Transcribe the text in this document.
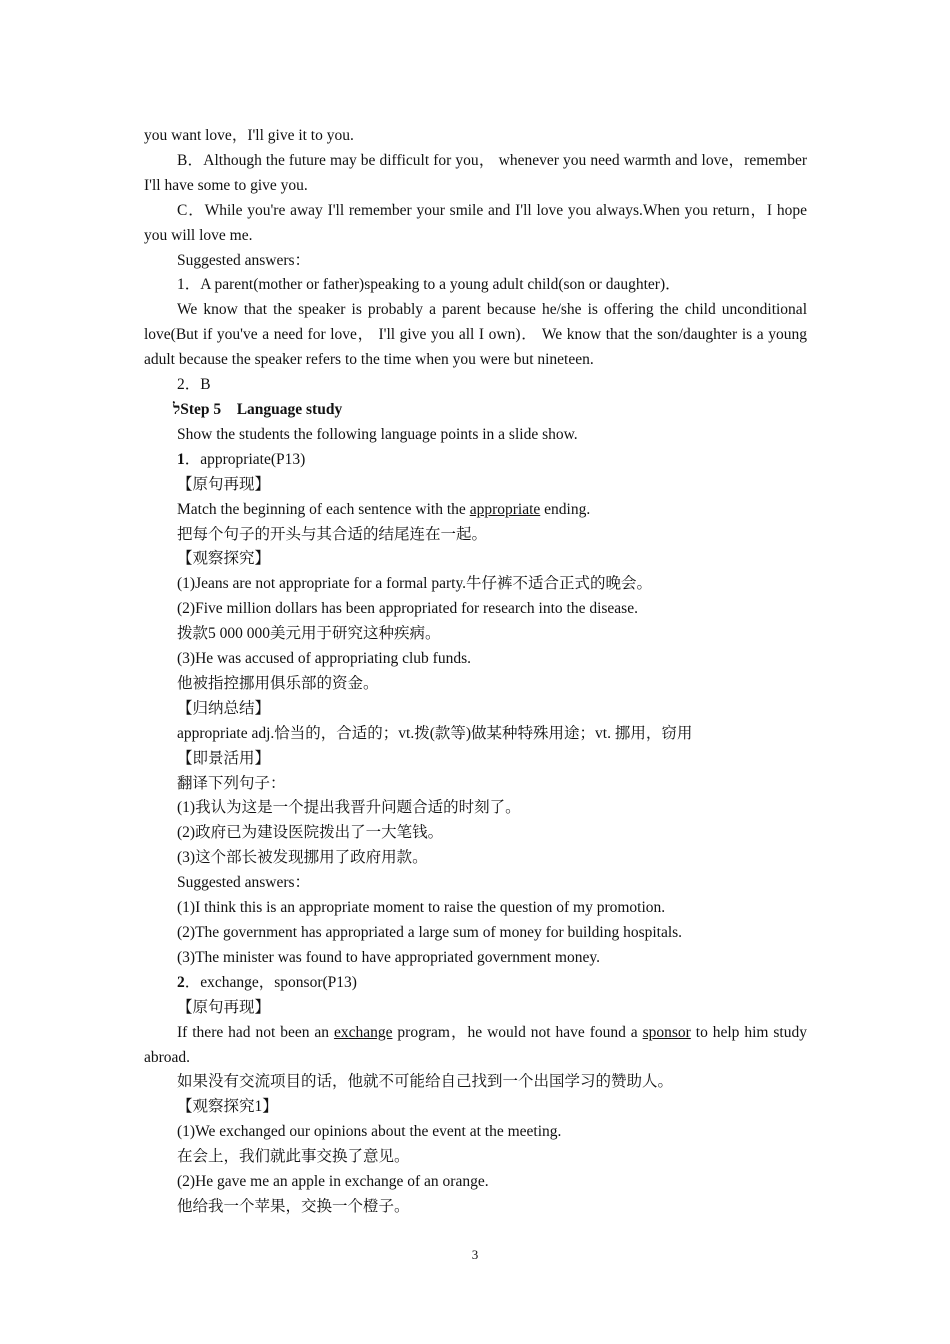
you want love，I'll give it to you.

B．Although the future may be difficult for you， whenever you need warmth and love，remember I'll have some to give you.

C．While you're away I'll remember your smile and I'll love you always.When you return，I hope you will love me.

Suggested answers：

1．A parent(mother or father)speaking to a young adult child(son or daughter)．

We know that the speaker is probably a parent because he/she is offering the child unconditional love(But if you've a need for love， I'll give you all I own)． We know that the son/daughter is a young adult because the speaker refers to the time when you were but nineteen.

2．B

לStep 5 Language study

Show the students the following language points in a slide show.

1．appropriate(P13)

【原句再现】

Match the beginning of each sentence with the appropriate ending.

把每个句子的开头与其合适的结尾连在一起。

【观察探究】

(1)Jeans are not appropriate for a formal party.牛仔裤不适合正式的晚会。

(2)Five million dollars has been appropriated for research into the disease.

拨款5 000 000美元用于研究这种疾病。

(3)He was accused of appropriating club funds.

他被指控挪用俱乐部的资金。

【归纳总结】

appropriate adj.恰当的，合适的；vt.拨(款等)做某种特殊用途；vt. 挪用，窃用

【即景活用】

翻译下列句子：

(1)我认为这是一个提出我晋升问题合适的时刻了。

(2)政府已为建设医院拨出了一大笔钱。

(3)这个部长被发现挪用了政府用款。

Suggested answers：

(1)I think this is an appropriate moment to raise the question of my promotion.

(2)The government has appropriated a large sum of money for building hospitals.

(3)The minister was found to have appropriated government money.

2．exchange，sponsor(P13)

【原句再现】

If there had not been an exchange program，he would not have found a sponsor to help him study abroad.

如果没有交流项目的话，他就不可能给自己找到一个出国学习的赞助人。

【观察探究1】

(1)We exchanged our opinions about the event at the meeting.

在会上，我们就此事交换了意见。

(2)He gave me an apple in exchange of an orange.

他给我一个苹果，交换一个橙子。

3
